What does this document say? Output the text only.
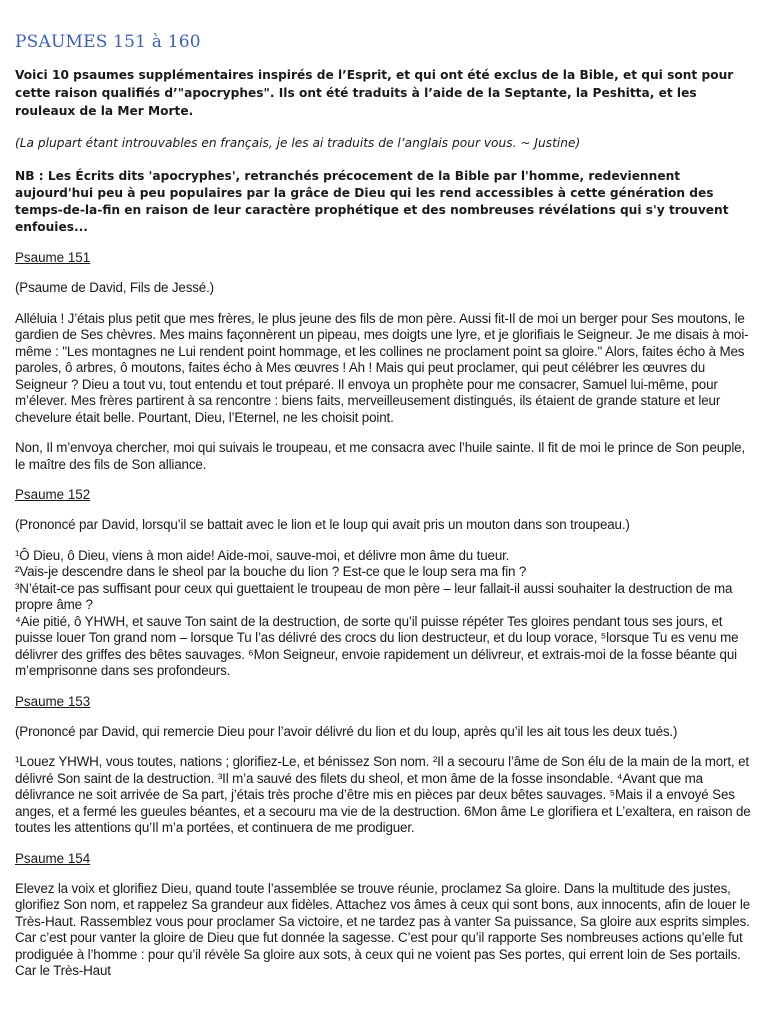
PSAUMES 151 à 160

Voici 10 psaumes supplémentaires inspirés de l’Esprit, et qui ont été exclus de la Bible, et qui sont pour cette raison qualifiés d’"apocryphes". Ils ont été traduits à l’aide de la Septante, la Peshitta, et les rouleaux de la Mer Morte.

(La plupart étant introuvables en français, je les ai traduits de l’anglais pour vous. ~ Justine)

NB : Les Écrits dits 'apocryphes', retranchés précocement de la Bible par l'homme, redeviennent aujourd'hui peu à peu populaires par la grâce de Dieu qui les rend accessibles à cette génération des temps-de-la-fin en raison de leur caractère prophétique et des nombreuses révélations qui s'y trouvent enfouies...

Psaume 151

(Psaume de David, Fils de Jessé.)

Alléluia ! J’étais plus petit que mes frères, le plus jeune des fils de mon père. Aussi fit-Il de moi un berger pour Ses moutons, le gardien de Ses chèvres. Mes mains façonnèrent un pipeau, mes doigts une lyre, et je glorifiais le Seigneur. Je me disais à moi-même : "Les montagnes ne Lui rendent point hommage, et les collines ne proclament point sa gloire." Alors, faites écho à Mes paroles, ô arbres, ô moutons, faites écho à Mes œuvres ! Ah ! Mais qui peut proclamer, qui peut célébrer les œuvres du Seigneur ? Dieu a tout vu, tout entendu et tout préparé. Il envoya un prophète pour me consacrer, Samuel lui-même, pour m’élever. Mes frères partirent à sa rencontre : biens faits, merveilleusement distingués, ils étaient de grande stature et leur chevelure était belle. Pourtant, Dieu, l’Eternel, ne les choisit point.

Non, Il m’envoya chercher, moi qui suivais le troupeau, et me consacra avec l’huile sainte. Il fit de moi le prince de Son peuple, le maître des fils de Son alliance.

Psaume 152

(Prononcé par David, lorsqu’il se battait avec le lion et le loup qui avait pris un mouton dans son troupeau.)

¹Ô Dieu, ô Dieu, viens à mon aide! Aide-moi, sauve-moi, et délivre mon âme du tueur.

²Vais-je descendre dans le sheol par la bouche du lion ? Est-ce que le loup sera ma fin ?

³N’était-ce pas suffisant pour ceux qui guettaient le troupeau de mon père – leur fallait-il aussi souhaiter la destruction de ma propre âme ?

⁴Aie pitié, ô YHWH, et sauve Ton saint de la destruction, de sorte qu’il puisse répéter Tes gloires pendant tous ses jours, et puisse louer Ton grand nom – lorsque Tu l’as délivré des crocs du lion destructeur, et du loup vorace, ⁵lorsque Tu es venu me délivrer des griffes des bêtes sauvages. ⁶Mon Seigneur, envoie rapidement un délivreur, et extrais-moi de la fosse béante qui m’emprisonne dans ses profondeurs.

Psaume 153

(Prononcé par David, qui remercie Dieu pour l’avoir délivré du lion et du loup, après qu’il les ait tous les deux tués.)

¹Louez YHWH, vous toutes, nations ; glorifiez-Le, et bénissez Son nom. ²Il a secouru l’âme de Son élu de la main de la mort, et délivré Son saint de la destruction. ³Il m’a sauvé des filets du sheol, et mon âme de la fosse insondable. ⁴Avant que ma délivrance ne soit arrivée de Sa part, j’étais très proche d’être mis en pièces par deux bêtes sauvages. ⁵Mais il a envoyé Ses anges, et a fermé les gueules béantes, et a secouru ma vie de la destruction. 6Mon âme Le glorifiera et L’exaltera, en raison de toutes les attentions qu’Il m’a portées, et continuera de me prodiguer.

Psaume 154

Elevez la voix et glorifiez Dieu, quand toute l’assemblée se trouve réunie, proclamez Sa gloire. Dans la multitude des justes, glorifiez Son nom, et rappelez Sa grandeur aux fidèles. Attachez vos âmes à ceux qui sont bons, aux innocents, afin de louer le Très-Haut. Rassemblez vous pour proclamer Sa victoire, et ne tardez pas à vanter Sa puissance, Sa gloire aux esprits simples. Car c’est pour vanter la gloire de Dieu que fut donnée la sagesse. C’est pour qu’il rapporte Ses nombreuses actions qu’elle fut prodiguée à l’homme : pour qu’il révèle Sa gloire aux sots, à ceux qui ne voient pas Ses portes, qui errent loin de Ses portails. Car le Très-Haut
